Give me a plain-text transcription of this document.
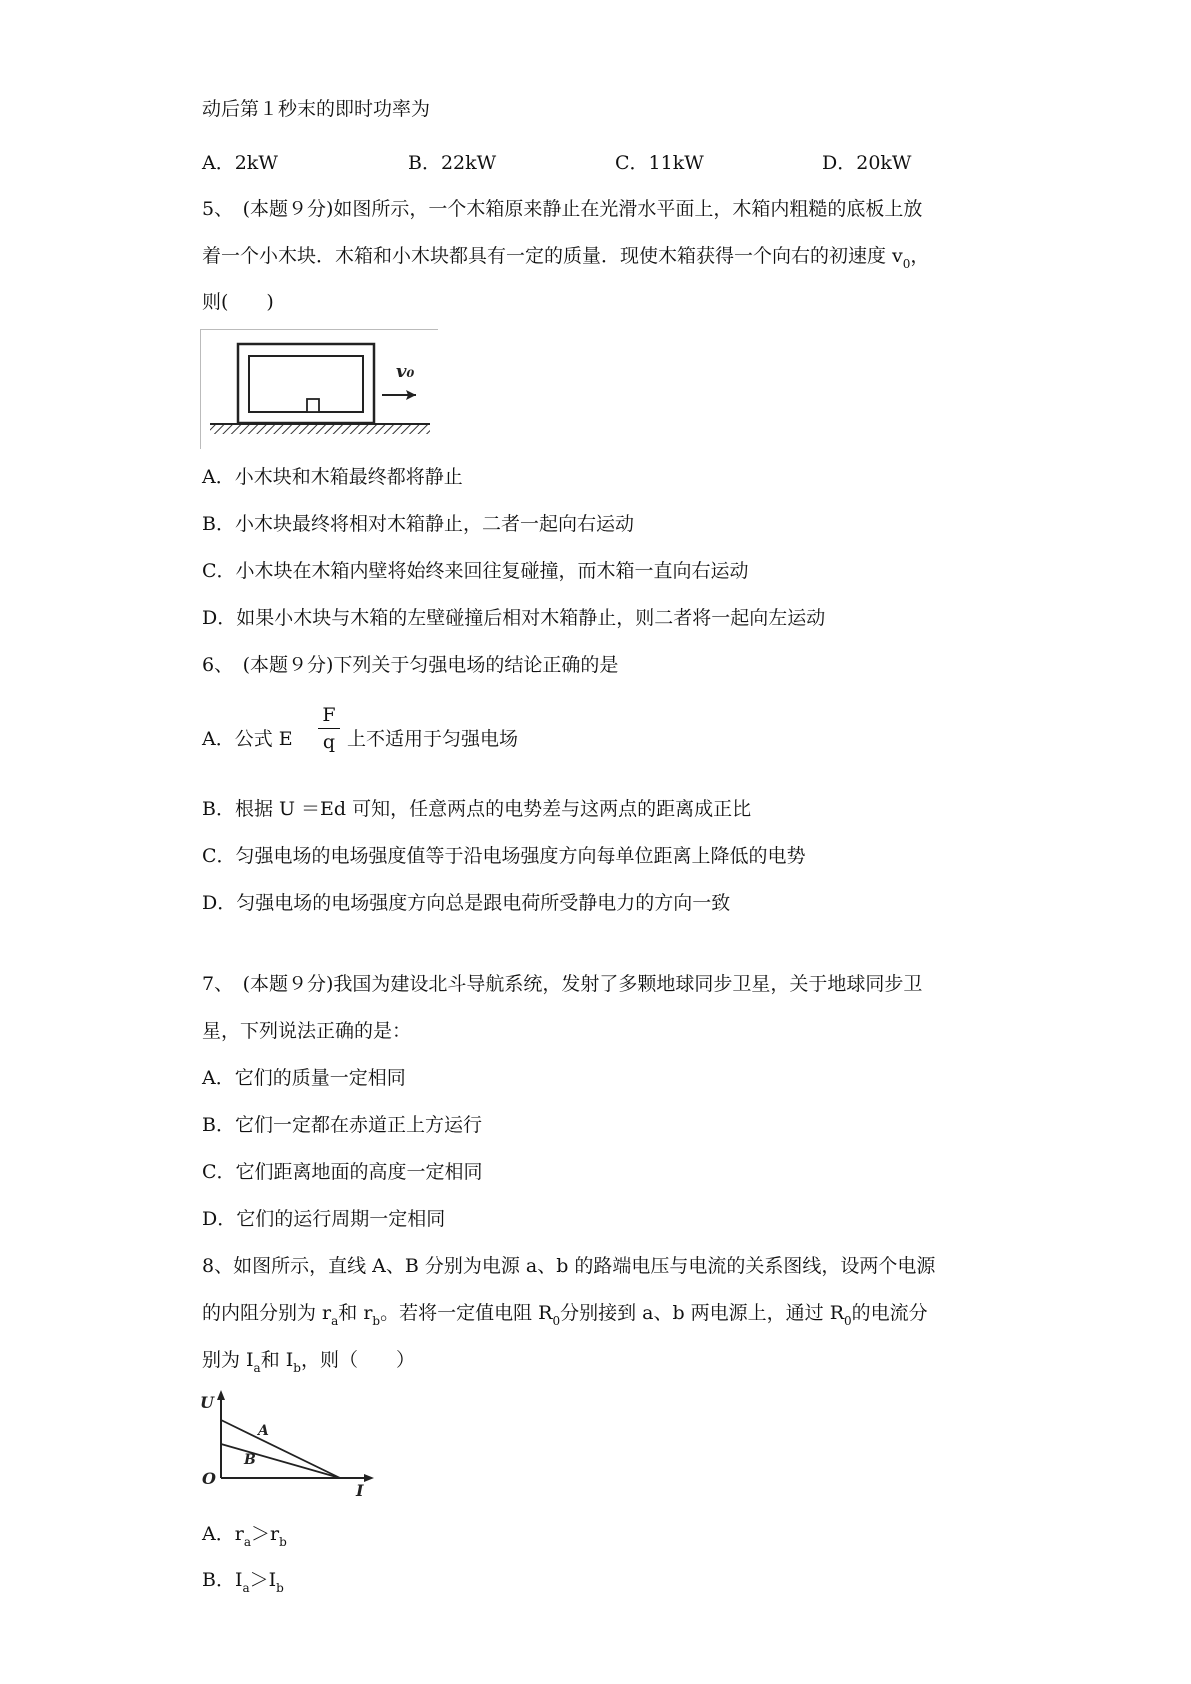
动后第１秒末的即时功率为
A．2kW	B．22kW	C．11kW	D．20kW
5、　(本题９分)如图所示，一个木箱原来静止在光滑水平面上，木箱内粗糙的底板上放
着一个小木块．木箱和小木块都具有一定的质量．现使木箱获得一个向右的初速度 $v_0$，
则(　　)
v₀
A．小木块和木箱最终都将静止
B．小木块最终将相对木箱静止，二者一起向右运动
C．小木块在木箱内壁将始终来回往复碰撞，而木箱一直向右运动
D．如果小木块与木箱的左壁碰撞后相对木箱静止，则二者将一起向左运动
6、　(本题９分)下列关于匀强电场的结论正确的是
A．公式 E
F
q 上不适用于匀强电场
B．根据 U ＝Ed 可知，任意两点的电势差与这两点的距离成正比
C．匀强电场的电场强度值等于沿电场强度方向每单位距离上降低的电势
D．匀强电场的电场强度方向总是跟电荷所受静电力的方向一致
7、　(本题９分)我国为建设北斗导航系统，发射了多颗地球同步卫星，关于地球同步卫
星，下列说法正确的是：
A．它们的质量一定相同
B．它们一定都在赤道正上方运行
C．它们距离地面的高度一定相同
D．它们的运行周期一定相同
8、如图所示，直线 A、B 分别为电源 a、b 的路端电压与电流的关系图线，设两个电源
的内阻分别为 $r_a$和 $r_b$。若将一定值电阻 $R_0$分别接到 a、b 两电源上，通过 $R_0$的电流分
别为 $I_a$和 $I_b$，则（　　）
U
I
O
A
B
A．$r_a>r_b$
B．$I_a>I_b$
